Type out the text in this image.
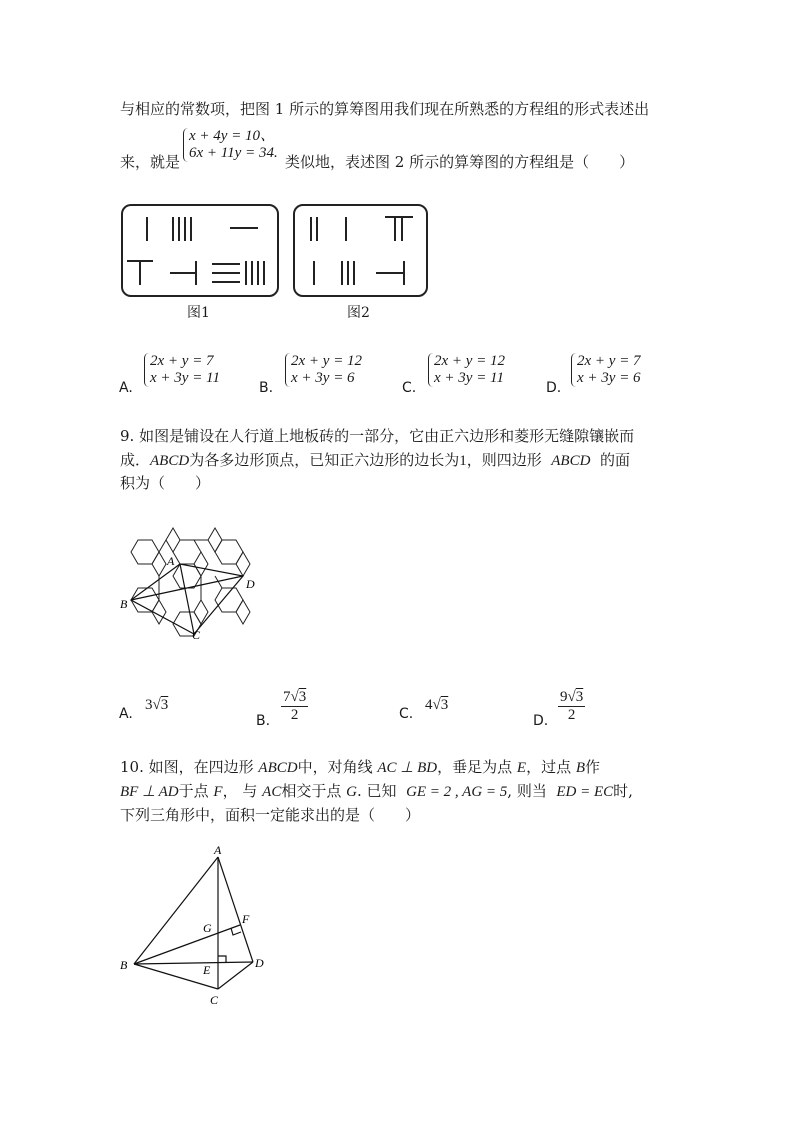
与相应的常数项，把图 1 所示的算筹图用我们现在所熟悉的方程组的形式表述出
x + 4y = 10、
6x + 11y = 34.
来，就是	类似地，表述图 2 所示的算筹图的方程组是（　　）
图1	图2
A.
2x + y = 7
x + 3y = 11
B.
2x + y = 12
x + 3y = 6
C.
2x + y = 12
x + 3y = 11
D.
2x + y = 7
x + 3y = 6
9. 如图是铺设在人行道上地板砖的一部分，它由正六边形和菱形无缝隙镶嵌而
成．ABCD为各多边形顶点，已知正六边形的边长为1，则四边形 ABCD 的面
积为（　　）
A
B
C
D
A.
3√3
B. $\frac{7√3}{2}$	C.
4√3
D. $\frac{9√3}{2}$
10. 如图，在四边形 ABCD中，对角线 AC ⊥ BD，垂足为点 E，过点 B作
BF ⊥ AD于点 F， 与 AC相交于点 G. 已知 GE = 2 , AG = 5, 则当 ED = EC时,
下列三角形中，面积一定能求出的是（　　）
A
B
C
D
E
F
G
